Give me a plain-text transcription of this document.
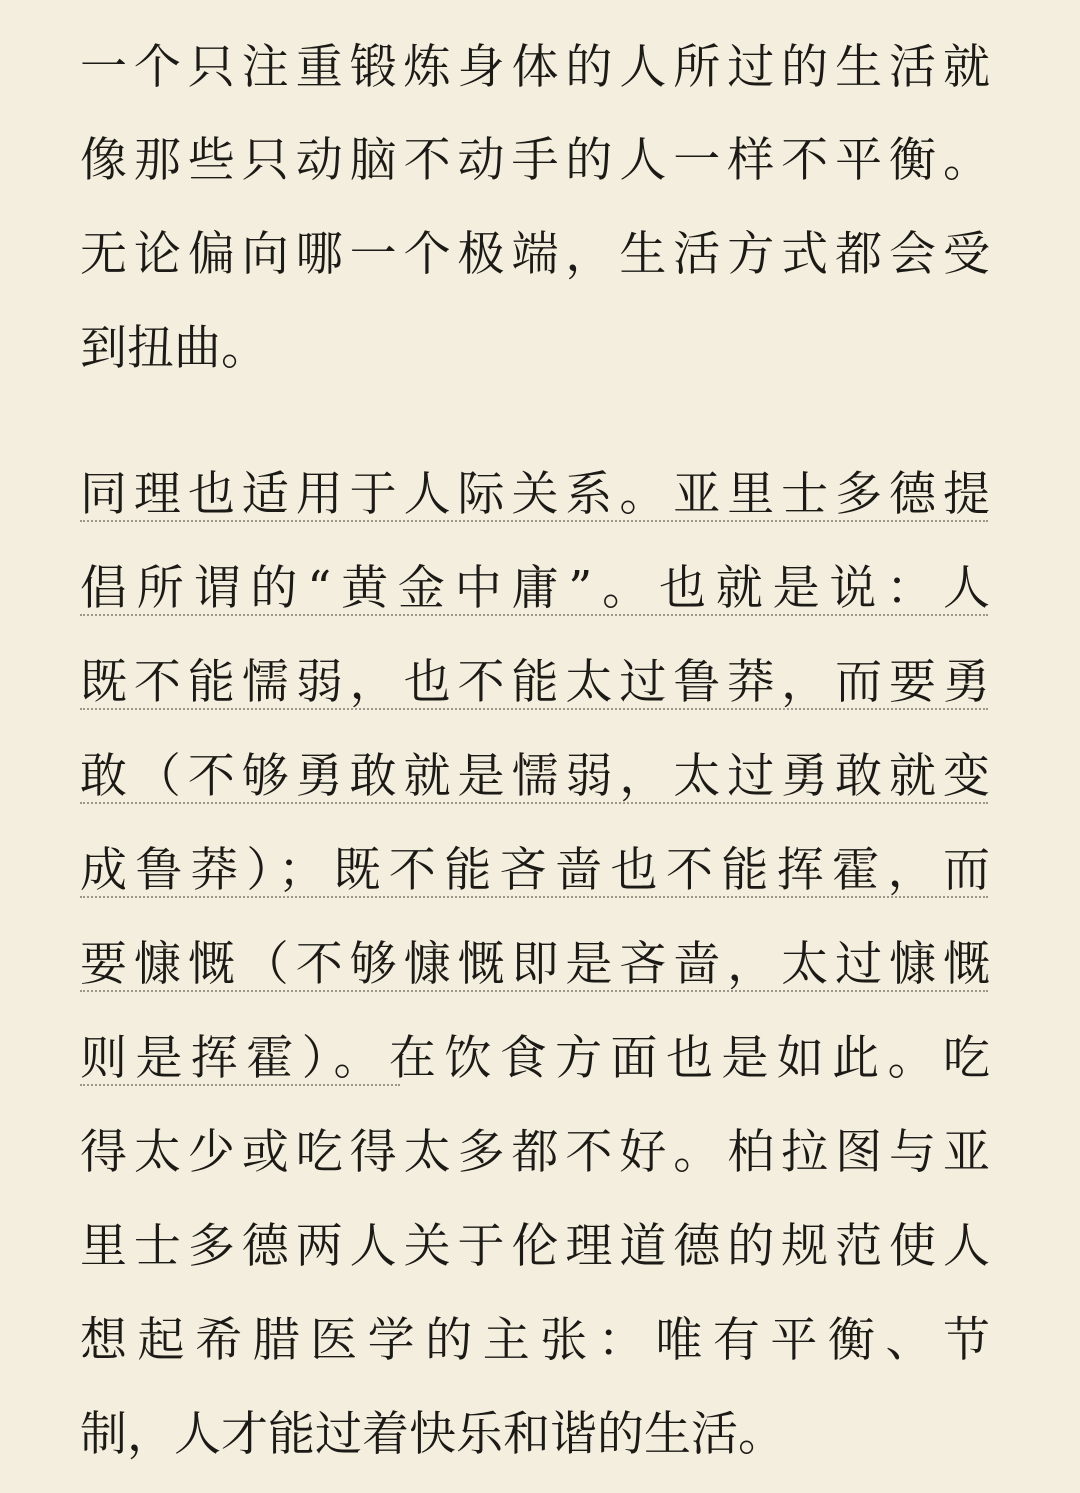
一个只注重锻炼身体的人所过的生活就
像那些只动脑不动手的人一样不平衡。
无论偏向哪一个极端，生活方式都会受
到扭曲。
同理也适用于人际关系。亚里士多德提
倡所谓的“黄金中庸”。也就是说：人
既不能懦弱，也不能太过鲁莽，而要勇
敢（不够勇敢就是懦弱，太过勇敢就变
成鲁莽）；既不能吝啬也不能挥霍，而
要慷慨（不够慷慨即是吝啬，太过慷慨
则是挥霍）。在饮食方面也是如此。吃
得太少或吃得太多都不好。柏拉图与亚
里士多德两人关于伦理道德的规范使人
想起希腊医学的主张：唯有平衡、节
制，人才能过着快乐和谐的生活。
